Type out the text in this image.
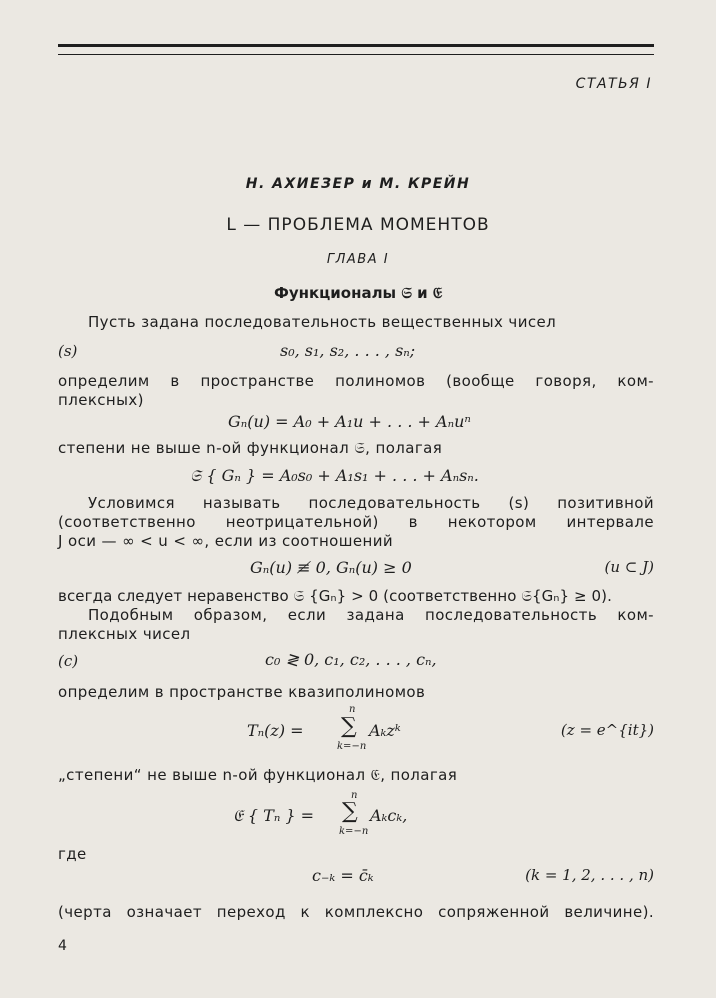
СТАТЬЯ I
Н. АХИЕЗЕР и М. КРЕЙН
L — ПРОБЛЕМА МОМЕНТОВ
ГЛАВА I
Функционалы 𝔖 и 𝔈
Пусть задана последовательность вещественных чисел
(s)	s₀, s₁, s₂, . . . , sₙ;
определим в пространстве полиномов (вообще говоря, ком-
плексных)
Gₙ(u) = A₀ + A₁u + . . . + Aₙuⁿ
степени не выше n-ой функционал 𝔖, полагая
𝔖 { Gₙ } = A₀s₀ + A₁s₁ + . . . + Aₙsₙ.
Условимся называть последовательность (s) позитивной
(соответственно неотрицательной) в некотором интервале
J оси — ∞ < u < ∞, если из соотношений
Gₙ(u) ≢ 0, Gₙ(u) ≥ 0	(u ⊂ J)
всегда следует неравенство 𝔖 {Gₙ} > 0 (соответственно 𝔖{Gₙ} ≥ 0).
Подобным образом, если задана последовательность ком-
плексных чисел
(c)	c₀ ≷ 0, c₁, c₂, . . . , cₙ,
определим в пространстве квазиполиномов
Tₙ(z) =
n
∑
k=−n
Aₖzᵏ	(z = e^{it})
„степени“ не выше n-ой функционал 𝔈, полагая
𝔈 { Tₙ } =
n
∑
k=−n
Aₖcₖ,
где
c₋ₖ = c̄ₖ	(k = 1, 2, . . . , n)
(черта означает переход к комплексно сопряженной величине).
4
